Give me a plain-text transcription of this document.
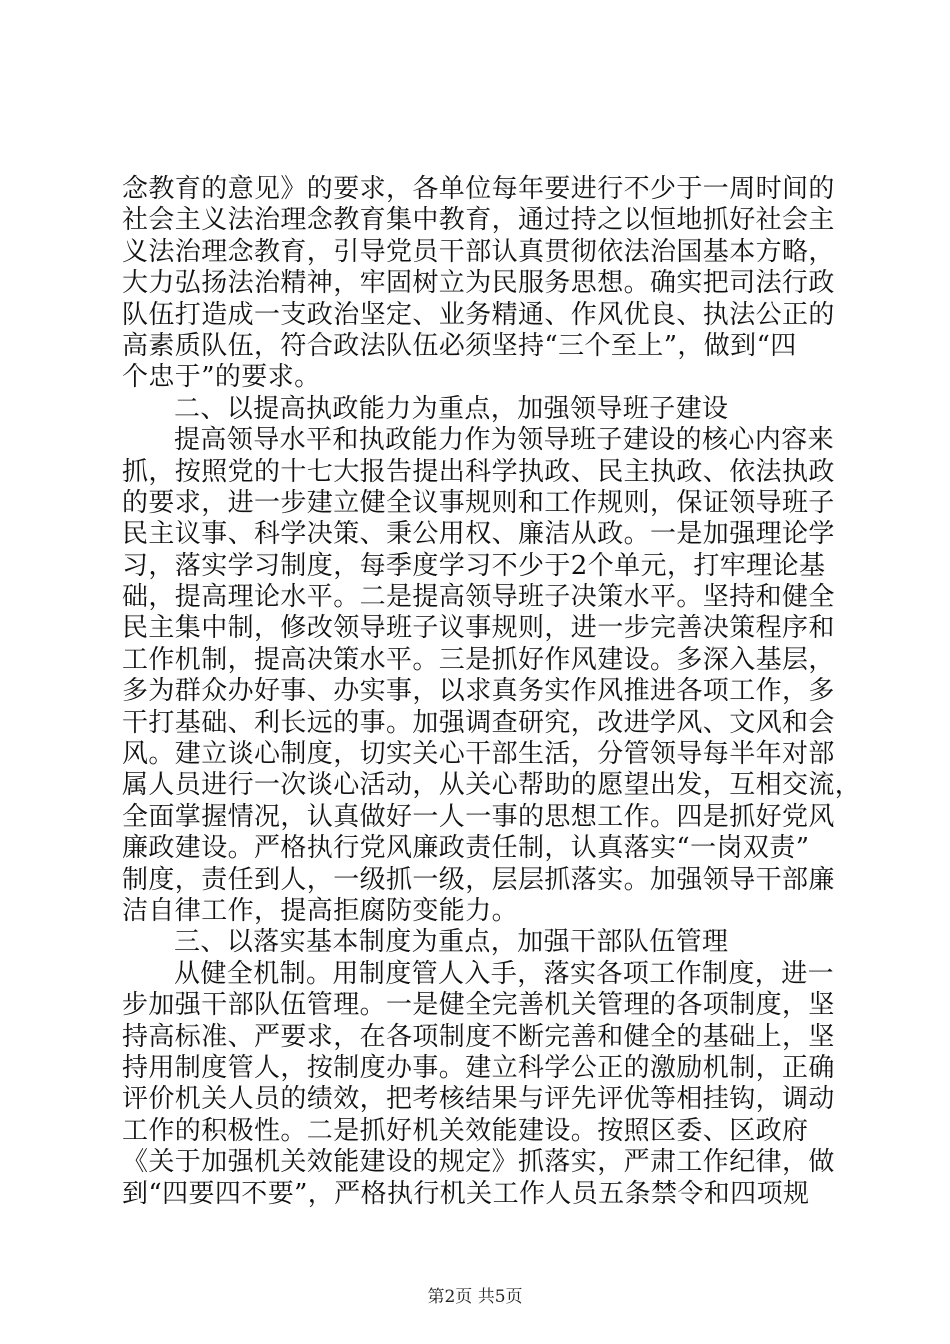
念教育的意见》的要求，各单位每年要进行不少于一周时间的
社会主义法治理念教育集中教育，通过持之以恒地抓好社会主
义法治理念教育，引导党员干部认真贯彻依法治国基本方略，
大力弘扬法治精神，牢固树立为民服务思想。确实把司法行政
队伍打造成一支政治坚定、业务精通、作风优良、执法公正的
高素质队伍，符合政法队伍必须坚持“三个至上”，做到“四
个忠于”的要求。
二、以提高执政能力为重点，加强领导班子建设
提高领导水平和执政能力作为领导班子建设的核心内容来
抓，按照党的十七大报告提出科学执政、民主执政、依法执政
的要求，进一步建立健全议事规则和工作规则，保证领导班子
民主议事、科学决策、秉公用权、廉洁从政。一是加强理论学
习，落实学习制度，每季度学习不少于2个单元，打牢理论基
础，提高理论水平。二是提高领导班子决策水平。坚持和健全
民主集中制，修改领导班子议事规则，进一步完善决策程序和
工作机制，提高决策水平。三是抓好作风建设。多深入基层，
多为群众办好事、办实事，以求真务实作风推进各项工作，多
干打基础、利长远的事。加强调查研究，改进学风、文风和会
风。建立谈心制度，切实关心干部生活，分管领导每半年对部
属人员进行一次谈心活动，从关心帮助的愿望出发，互相交流，
全面掌握情况，认真做好一人一事的思想工作。四是抓好党风
廉政建设。严格执行党风廉政责任制，认真落实“一岗双责”
制度，责任到人，一级抓一级，层层抓落实。加强领导干部廉
洁自律工作，提高拒腐防变能力。
三、以落实基本制度为重点，加强干部队伍管理
从健全机制。用制度管人入手，落实各项工作制度，进一
步加强干部队伍管理。一是健全完善机关管理的各项制度，坚
持高标准、严要求，在各项制度不断完善和健全的基础上，坚
持用制度管人，按制度办事。建立科学公正的激励机制，正确
评价机关人员的绩效，把考核结果与评先评优等相挂钩，调动
工作的积极性。二是抓好机关效能建设。按照区委、区政府
《关于加强机关效能建设的规定》抓落实，严肃工作纪律，做
到“四要四不要”，严格执行机关工作人员五条禁令和四项规
第2页 共5页
